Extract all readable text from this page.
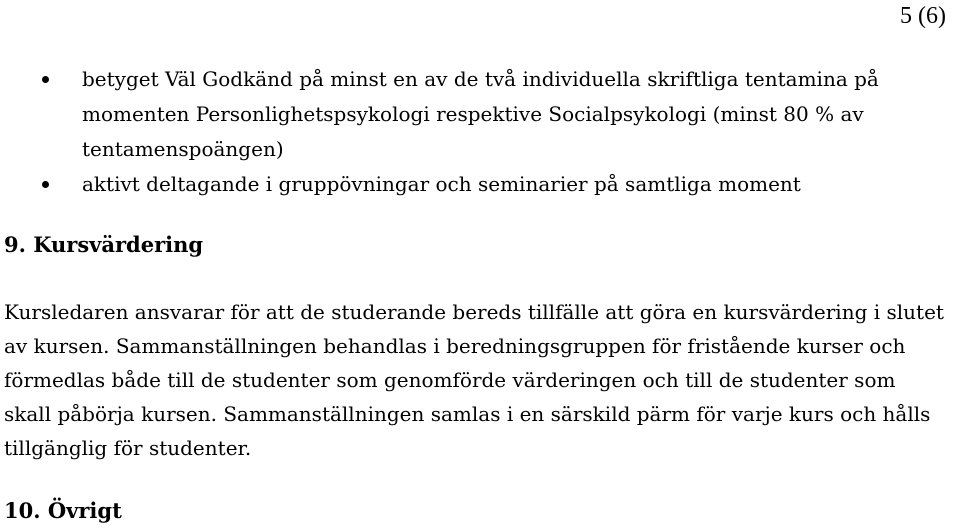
5 (6)
betyget Väl Godkänd på minst en av de två individuella skriftliga tentamina på momenten Personlighetspsykologi respektive Socialpsykologi (minst 80 % av tentamenspoängen)
aktivt deltagande i gruppövningar och seminarier på samtliga moment
9. Kursvärdering

Kursledaren ansvarar för att de studerande bereds tillfälle att göra en kursvärdering i slutet av kursen. Sammanställningen behandlas i beredningsgruppen för fristående kurser och förmedlas både till de studenter som genomförde värderingen och till de studenter som skall påbörja kursen. Sammanställningen samlas i en särskild pärm för varje kurs och hålls tillgänglig för studenter.

10. Övrigt
